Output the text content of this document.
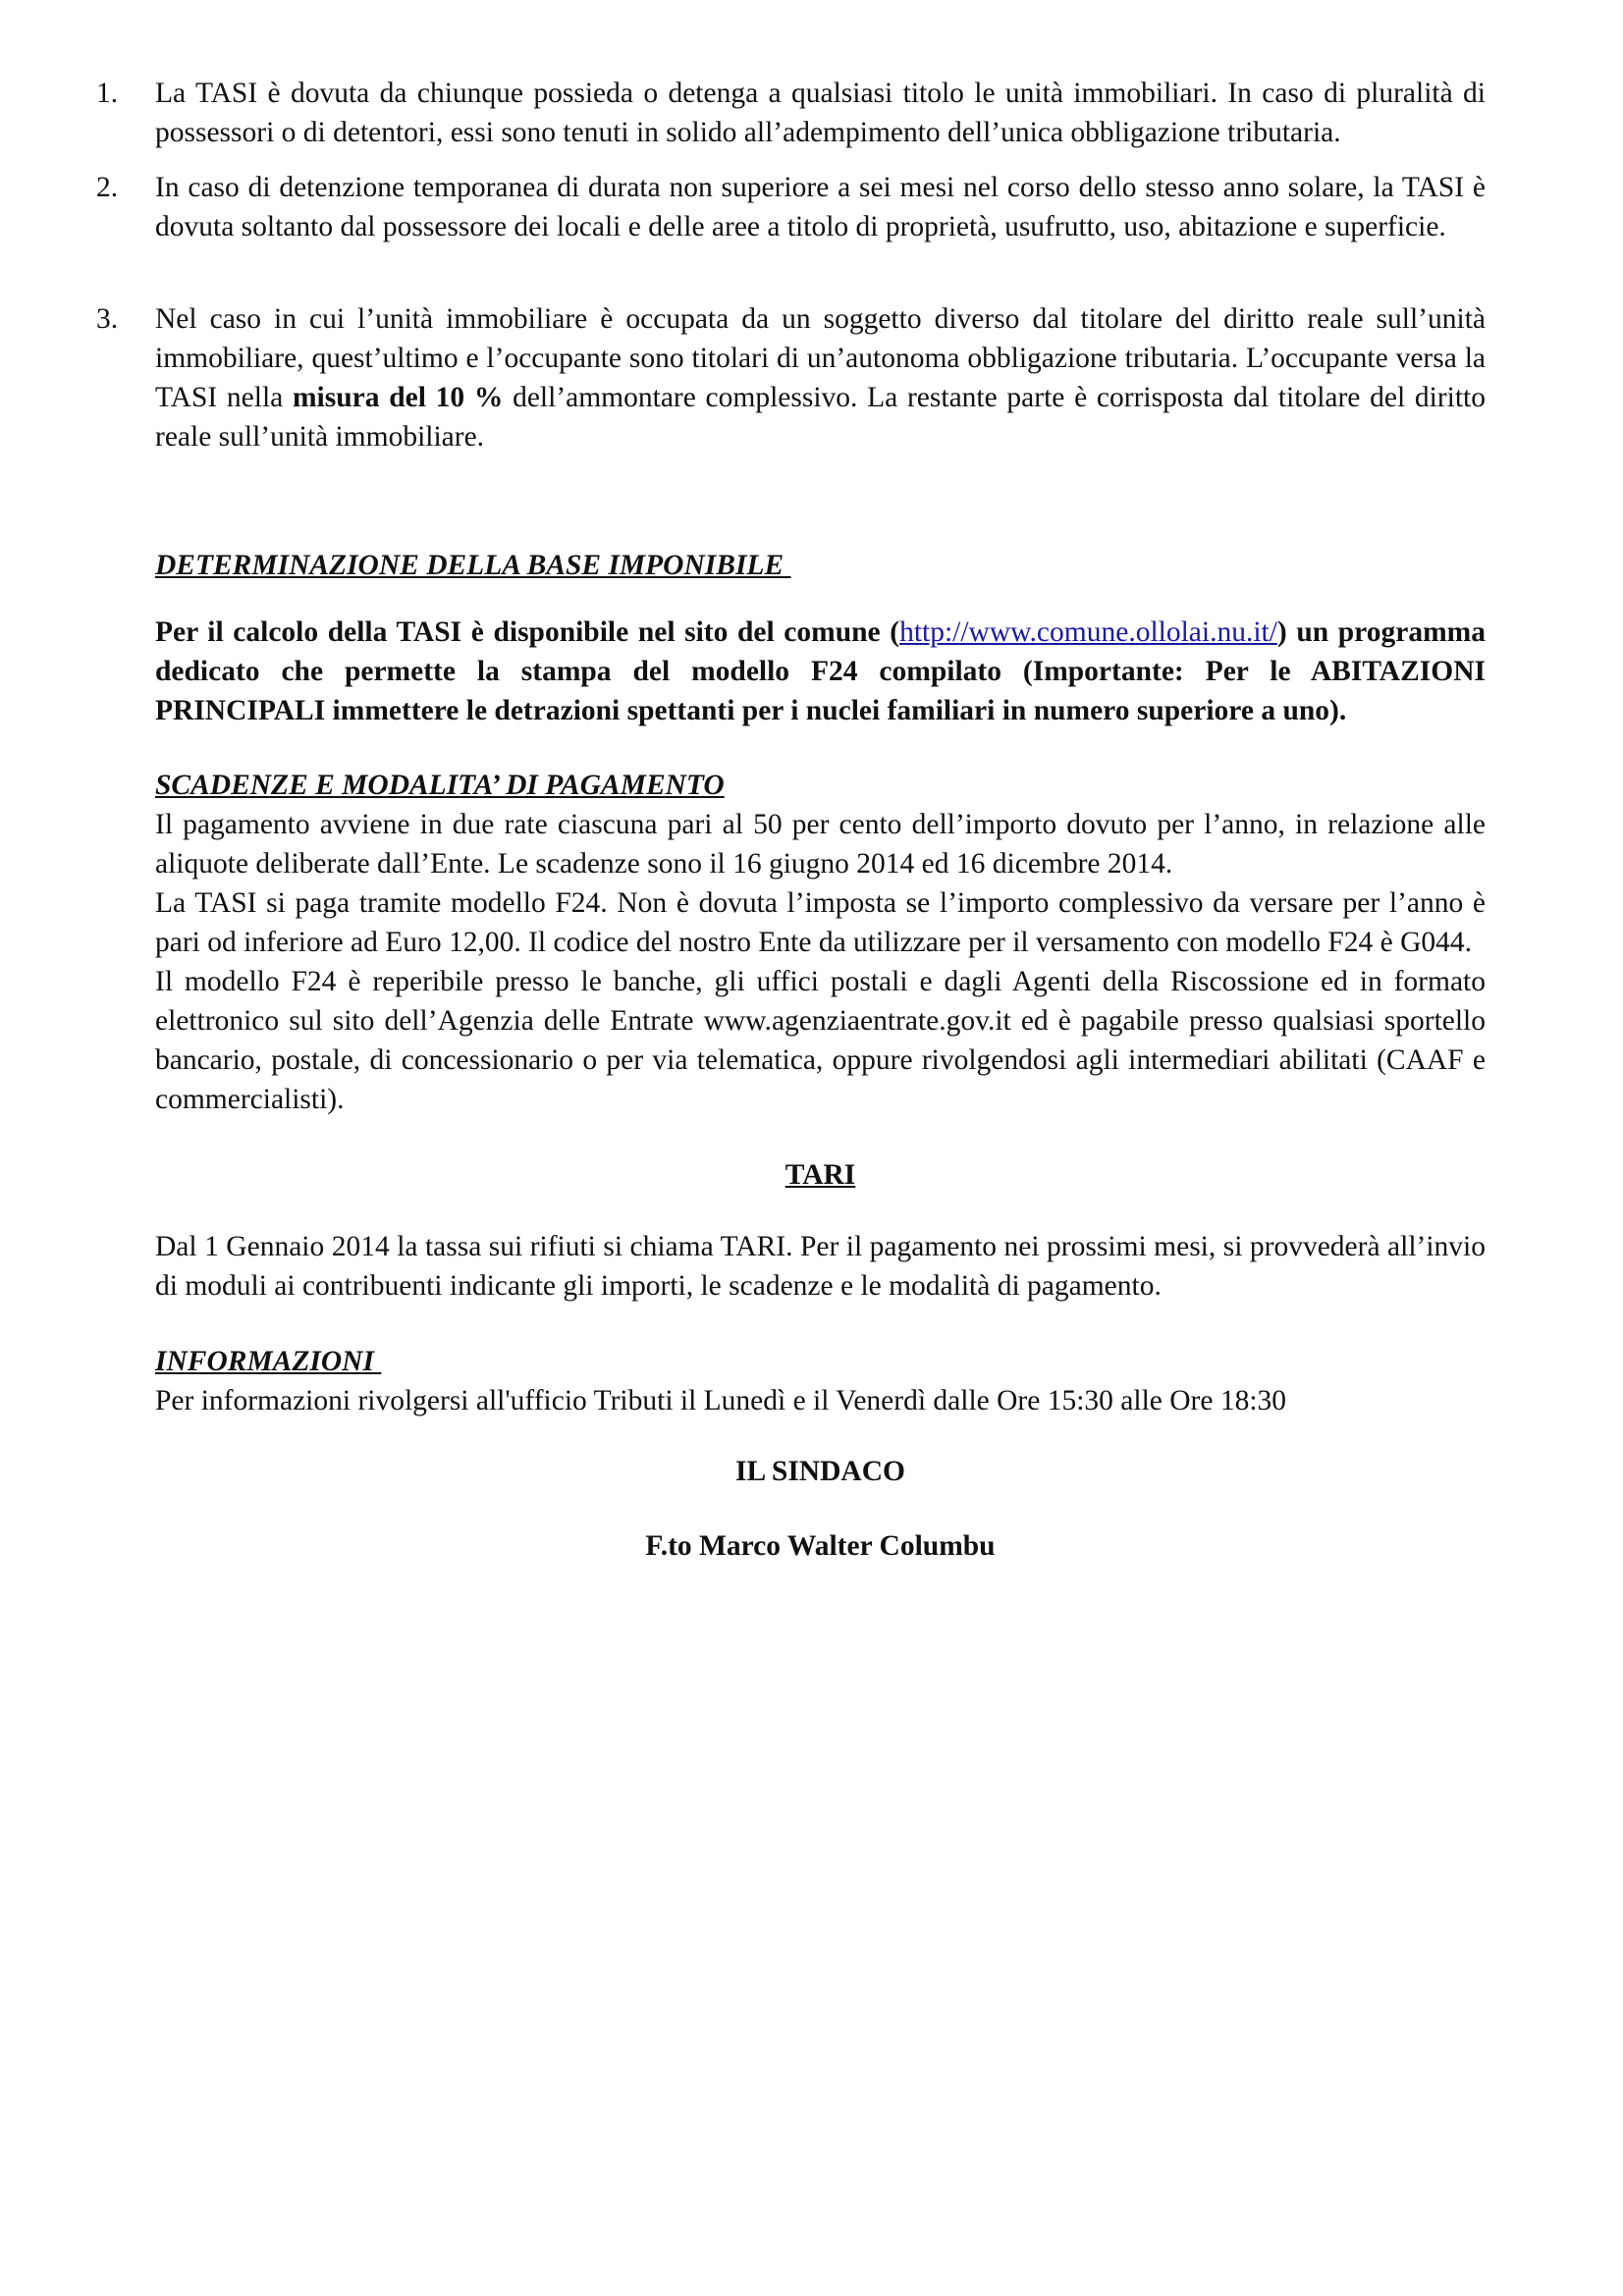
1. La TASI è dovuta da chiunque possieda o detenga a qualsiasi titolo le unità immobiliari. In caso di pluralità di possessori o di detentori, essi sono tenuti in solido all’adempimento dell’unica obbligazione tributaria.
2. In caso di detenzione temporanea di durata non superiore a sei mesi nel corso dello stesso anno solare, la TASI è dovuta soltanto dal possessore dei locali e delle aree a titolo di proprietà, usufrutto, uso, abitazione e superficie.
3. Nel caso in cui l’unità immobiliare è occupata da un soggetto diverso dal titolare del diritto reale sull’unità immobiliare, quest’ultimo e l’occupante sono titolari di un’autonoma obbligazione tributaria. L’occupante versa la TASI nella misura del 10 % dell’ammontare complessivo. La restante parte è corrisposta dal titolare del diritto reale sull’unità immobiliare.

DETERMINAZIONE DELLA BASE IMPONIBILE

Per il calcolo della TASI è disponibile nel sito del comune (http://www.comune.ollolai.nu.it/) un programma dedicato che permette la stampa del modello F24 compilato (Importante: Per le ABITAZIONI PRINCIPALI immettere le detrazioni spettanti per i nuclei familiari in numero superiore a uno).

SCADENZE E MODALITA’ DI PAGAMENTO

Il pagamento avviene in due rate ciascuna pari al 50 per cento dell’importo dovuto per l’anno, in relazione alle aliquote deliberate dall’Ente. Le scadenze sono il 16 giugno 2014 ed 16 dicembre 2014.

La TASI si paga tramite modello F24. Non è dovuta l’imposta se l’importo complessivo da versare per l’anno è pari od inferiore ad Euro 12,00. Il codice del nostro Ente da utilizzare per il versamento con modello F24 è G044.

Il modello F24 è reperibile presso le banche, gli uffici postali e dagli Agenti della Riscossione ed in formato elettronico sul sito dell’Agenzia delle Entrate www.agenziaentrate.gov.it ed è pagabile presso qualsiasi sportello bancario, postale, di concessionario o per via telematica, oppure rivolgendosi agli intermediari abilitati (CAAF e commercialisti).

TARI

Dal 1 Gennaio 2014 la tassa sui rifiuti si chiama TARI. Per il pagamento nei prossimi mesi, si provvederà all’invio di moduli ai contribuenti indicante gli importi, le scadenze e le modalità di pagamento.

INFORMAZIONI

Per informazioni rivolgersi all'ufficio Tributi il Lunedì e il Venerdì dalle Ore 15:30 alle Ore 18:30

IL SINDACO

F.to Marco Walter Columbu
